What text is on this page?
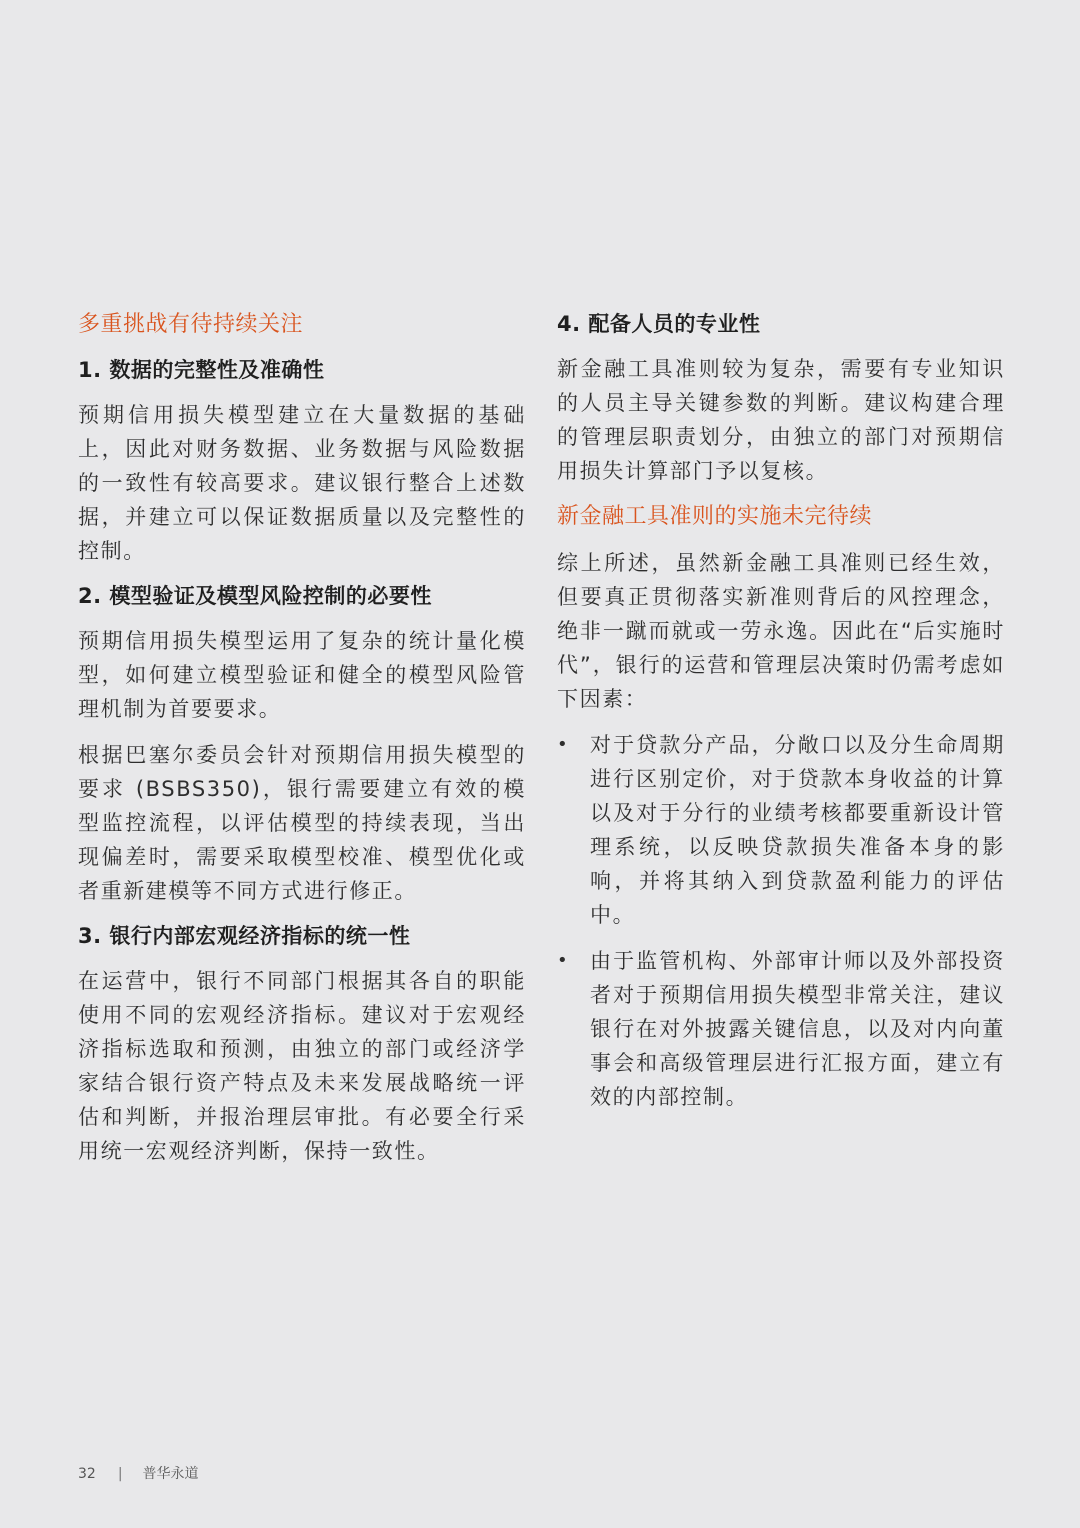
多重挑战有待持续关注
1. 数据的完整性及准确性

预期信用损失模型建立在大量数据的基础上，因此对财务数据、业务数据与风险数据的一致性有较高要求。建议银行整合上述数据，并建立可以保证数据质量以及完整性的控制。

2. 模型验证及模型风险控制的必要性

预期信用损失模型运用了复杂的统计量化模型，如何建立模型验证和健全的模型风险管理机制为首要要求。

根据巴塞尔委员会针对预期信用损失模型的要求 (BSBS350)，银行需要建立有效的模型监控流程，以评估模型的持续表现，当出现偏差时，需要采取模型校准、模型优化或者重新建模等不同方式进行修正。

3. 银行内部宏观经济指标的统一性

在运营中，银行不同部门根据其各自的职能使用不同的宏观经济指标。建议对于宏观经济指标选取和预测，由独立的部门或经济学家结合银行资产特点及未来发展战略统一评估和判断，并报治理层审批。有必要全行采用统一宏观经济判断，保持一致性。

4. 配备人员的专业性

新金融工具准则较为复杂，需要有专业知识的人员主导关键参数的判断。建议构建合理的管理层职责划分，由独立的部门对预期信用损失计算部门予以复核。

新金融工具准则的实施未完待续

综上所述，虽然新金融工具准则已经生效，但要真正贯彻落实新准则背后的风控理念，绝非一蹴而就或一劳永逸。因此在“后实施时代”，银行的运营和管理层决策时仍需考虑如下因素：

• 对于贷款分产品，分敞口以及分生命周期进行区别定价，对于贷款本身收益的计算以及对于分行的业绩考核都要重新设计管理系统，以反映贷款损失准备本身的影响，并将其纳入到贷款盈利能力的评估中。
• 由于监管机构、外部审计师以及外部投资者对于预期信用损失模型非常关注，建议银行在对外披露关键信息，以及对内向董事会和高级管理层进行汇报方面，建立有效的内部控制。
32 | 普华永道
